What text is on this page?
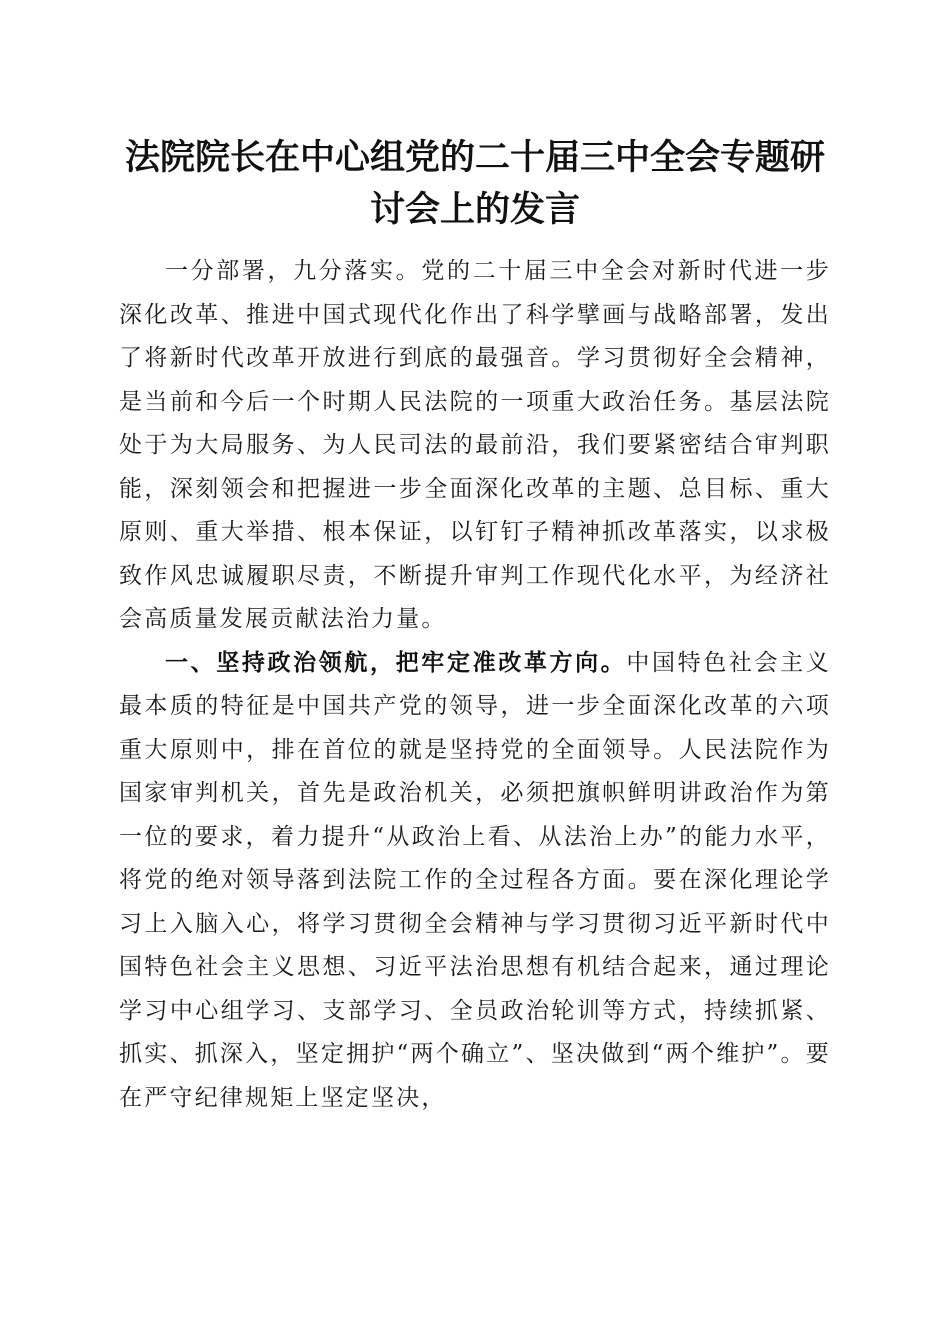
法院院长在中心组党的二十届三中全会专题研
讨会上的发言

一分部署，九分落实。党的二十届三中全会对新时代进一步深化改革、推进中国式现代化作出了科学擘画与战略部署，发出了将新时代改革开放进行到底的最强音。学习贯彻好全会精神，是当前和今后一个时期人民法院的一项重大政治任务。基层法院处于为大局服务、为人民司法的最前沿，我们要紧密结合审判职能，深刻领会和把握进一步全面深化改革的主题、总目标、重大原则、重大举措、根本保证，以钉钉子精神抓改革落实，以求极致作风忠诚履职尽责，不断提升审判工作现代化水平，为经济社会高质量发展贡献法治力量。

一、坚持政治领航，把牢定准改革方向。中国特色社会主义最本质的特征是中国共产党的领导，进一步全面深化改革的六项重大原则中，排在首位的就是坚持党的全面领导。人民法院作为国家审判机关，首先是政治机关，必须把旗帜鲜明讲政治作为第一位的要求，着力提升“从政治上看、从法治上办”的能力水平，将党的绝对领导落到法院工作的全过程各方面。要在深化理论学习上入脑入心，将学习贯彻全会精神与学习贯彻习近平新时代中国特色社会主义思想、习近平法治思想有机结合起来，通过理论学习中心组学习、支部学习、全员政治轮训等方式，持续抓紧、抓实、抓深入，坚定拥护“两个确立”、坚决做到“两个维护”。要在严守纪律规矩上坚定坚决，
